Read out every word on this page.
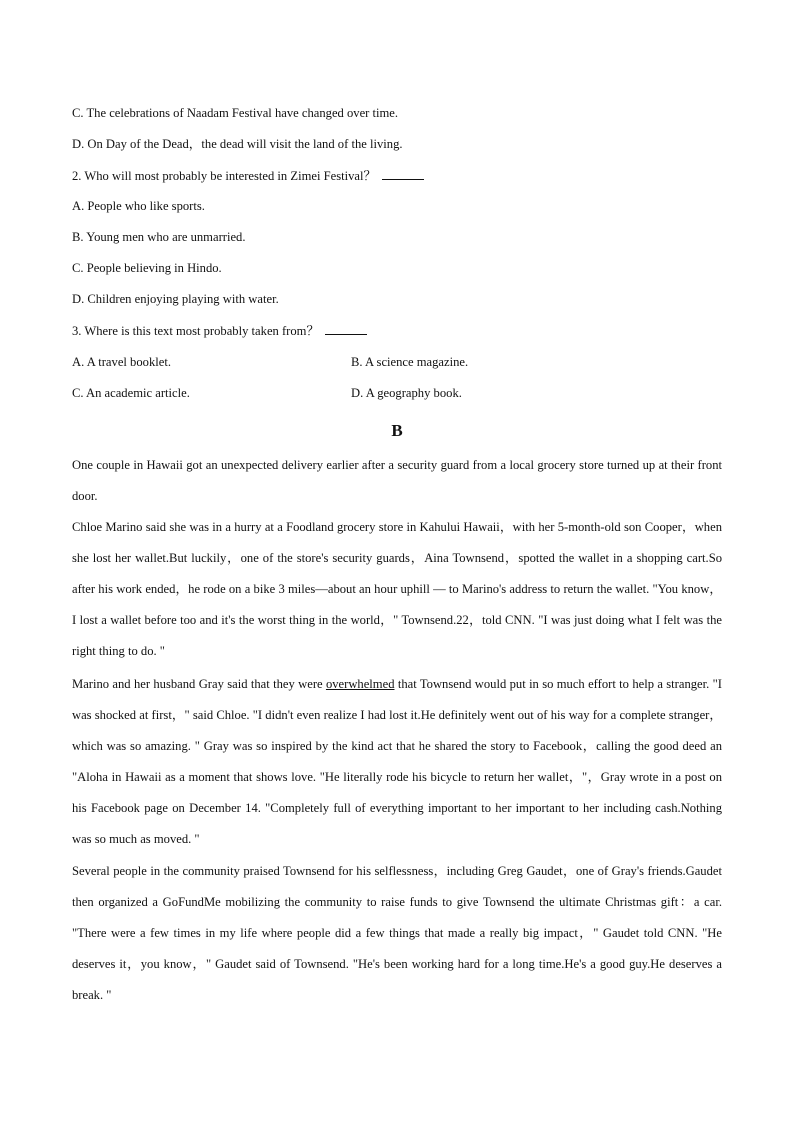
C. The celebrations of Naadam Festival have changed over time.

D. On Day of the Dead，the dead will visit the land of the living.

2. Who will most probably be interested in Zimei Festival？

A. People who like sports.

B. Young men who are unmarried.

C. People believing in Hindo.

D. Children enjoying playing with water.

3. Where is this text most probably taken from？

A. A travel booklet.	B. A science magazine.

C. An academic article.	D. A geography book.

B

One couple in Hawaii got an unexpected delivery earlier after a security guard from a local grocery store turned up at their front door.

Chloe Marino said she was in a hurry at a Foodland grocery store in Kahului Hawaii，with her 5-month-old son Cooper，when she lost her wallet.But luckily，one of the store's security guards，Aina Townsend，spotted the wallet in a shopping cart.So after his work ended，he rode on a bike 3 miles—about an hour uphill — to Marino's address to return the wallet. "You know，I lost a wallet before too and it's the worst thing in the world，" Townsend.22，told CNN. "I was just doing what I felt was the right thing to do. "

Marino and her husband Gray said that they were overwhelmed that Townsend would put in so much effort to help a stranger. "I was shocked at first，" said Chloe. "I didn't even realize I had lost it.He definitely went out of his way for a complete stranger，which was so amazing. " Gray was so inspired by the kind act that he shared the story to Facebook，calling the good deed an "Aloha in Hawaii as a moment that shows love. "He literally rode his bicycle to return her wallet，"，Gray wrote in a post on his Facebook page on December 14. "Completely full of everything important to her important to her including cash.Nothing was so much as moved. "

Several people in the community praised Townsend for his selflessness，including Greg Gaudet，one of Gray's friends.Gaudet then organized a GoFundMe mobilizing the community to raise funds to give Townsend the ultimate Christmas gift：a car. "There were a few times in my life where people did a few things that made a really big impact，" Gaudet told CNN. "He deserves it，you know，" Gaudet said of Townsend. "He's been working hard for a long time.He's a good guy.He deserves a break. "
